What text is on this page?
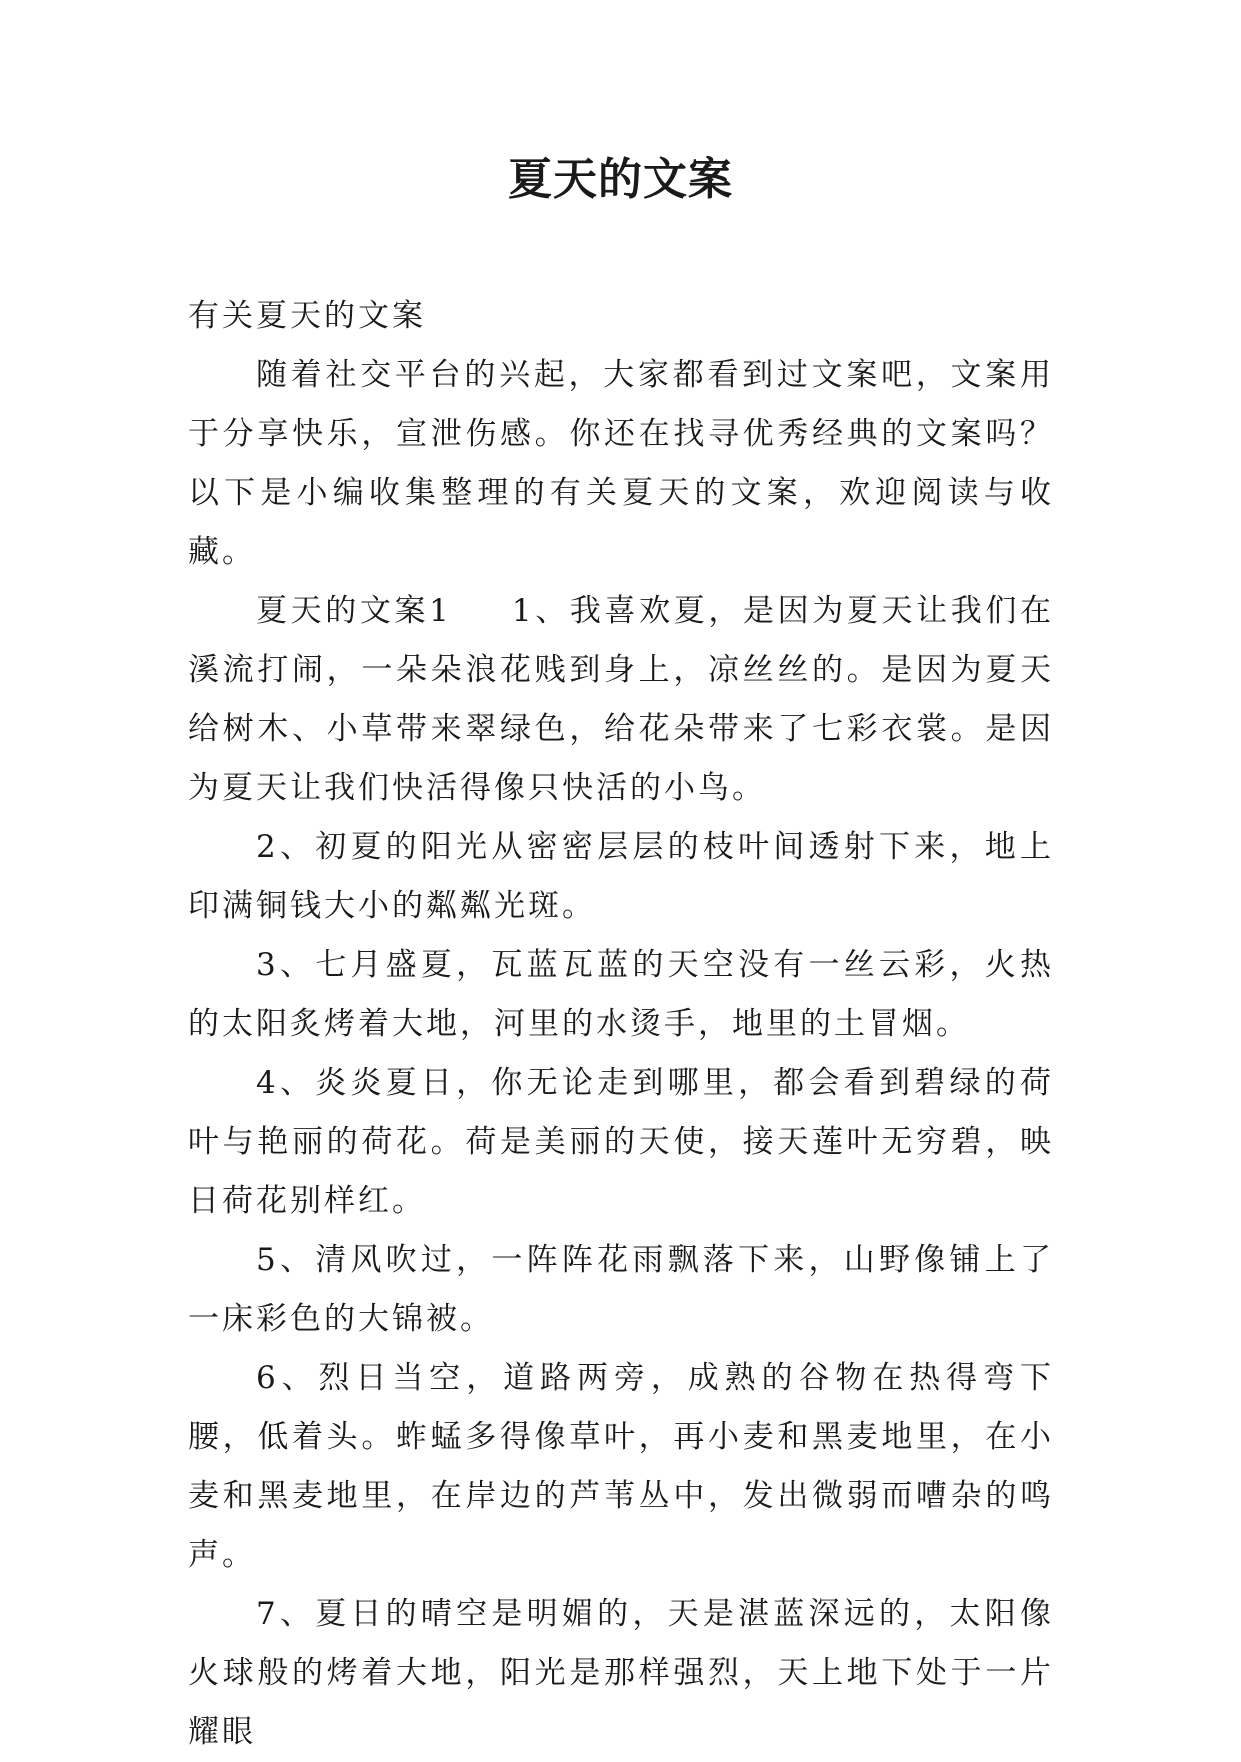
夏天的文案

有关夏天的文案

随着社交平台的兴起，大家都看到过文案吧，文案用于分享快乐，宣泄伤感。你还在找寻优秀经典的文案吗？以下是小编收集整理的有关夏天的文案，欢迎阅读与收藏。

夏天的文案1 1、我喜欢夏，是因为夏天让我们在溪流打闹，一朵朵浪花贱到身上，凉丝丝的。是因为夏天给树木、小草带来翠绿色，给花朵带来了七彩衣裳。是因为夏天让我们快活得像只快活的小鸟。

2、初夏的阳光从密密层层的枝叶间透射下来，地上印满铜钱大小的粼粼光斑。

3、七月盛夏，瓦蓝瓦蓝的天空没有一丝云彩，火热的太阳炙烤着大地，河里的水烫手，地里的土冒烟。

4、炎炎夏日，你无论走到哪里，都会看到碧绿的荷叶与艳丽的荷花。荷是美丽的天使，接天莲叶无穷碧，映日荷花别样红。

5、清风吹过，一阵阵花雨飘落下来，山野像铺上了一床彩色的大锦被。

6、烈日当空，道路两旁，成熟的谷物在热得弯下腰，低着头。蚱蜢多得像草叶，再小麦和黑麦地里，在小麦和黑麦地里，在岸边的芦苇丛中，发出微弱而嘈杂的鸣声。

7、夏日的晴空是明媚的，天是湛蓝深远的，太阳像火球般的烤着大地，阳光是那样强烈，天上地下处于一片耀眼
